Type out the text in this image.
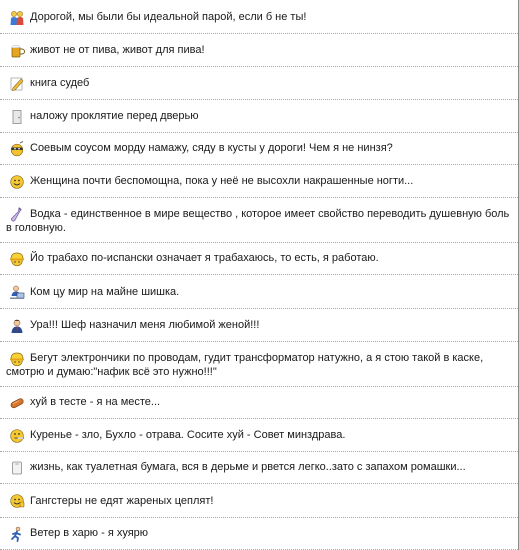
Дорогой, мы были бы идеальной парой, если б не ты!
живот не от пива, живот для пива!
книга судеб
наложу проклятие перед дверью
Соевым соусом морду намажу, сяду в кусты у дороги! Чем я не нинзя?
Женщина почти беспомощна, пока у неё не высохли накрашенные ногти...
Водка - единственное в мире вещество , которое имеет свойство переводить душевную боль в головную.
Йо трабахо по-испански означает я трабахаюсь, то есть, я работаю.
Ком цу мир на майне шишка.
Ура!!! Шеф назначил меня любимой женой!!!
Бегут электрончики по проводам, гудит трансформатор натужно, а я стою такой в каске, смотрю и думаю:"нафик всё это нужно!!!"
хуй в тесте - я на месте...
Куренье - зло, Бухло - отрава. Сосите хуй - Совет минздрава.
жизнь, как туалетная бумага, вся в дерьме и рвется легко..зато с запахом ромашки...
Гангстеры не едят жареных цеплят!
Ветер в харю - я хуярю
